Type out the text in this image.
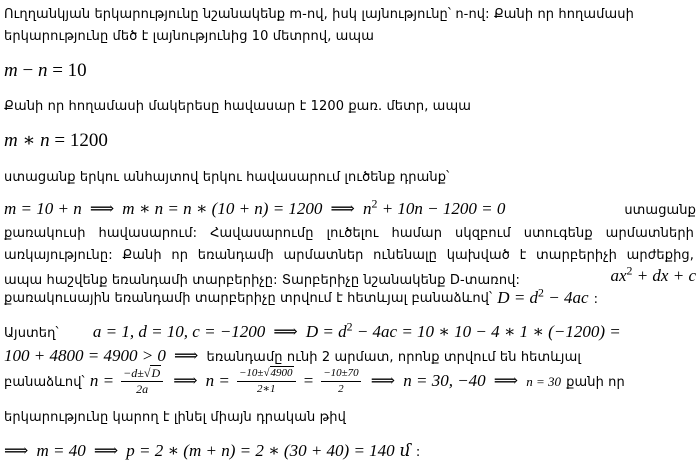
Ուղղանկյան երկարությունը նշանակենք m-ով, իսկ լայնությունը՝ n-ով: Քանի որ հողամասի
երկարությունը մեծ է լայնությունից 10 մետրով, ապա
m − n = 10
Քանի որ հողամասի մակերեսը հավասար է 1200 քառ. մետր, ապա
m ∗ n = 1200
ստացանք երկու անհայտով երկու հավասարում լուծենք դրանք՝
m = 10 + n ⟹ m ∗ n = n ∗ (10 + n) = 1200 ⟹ $n^2 + 10n - 1200 = 0$	ստացանք
քառակուսի հավասարում: Հավասարումը լուծելու համար սկզբում ստուգենք արմատների
առկայությունը: Քանի որ եռանդամի արմատներ ունենալը կախված է տարբերիչի արժեքից,
ապա հաշվենք եռանդամի տարբերիչը: Տարբերիչը նշանակենք D-տառով:	$ax^2$ + dx + c
քառակուսային եռանդամի տարբերիչը տրվում է հետևյալ բանաձևով՝ $D = d^2 - 4ac$ :
Այստեղ՝ a = 1, d = 10, c = −1200 ⟹ $D = d^2 - 4ac = 10$ ∗ 10 − 4 ∗ 1 ∗ (−1200) =
100 + 4800 = 4900 > 0 ⟹ եռանդամը ունի 2 արմատ, որոնք տրվում են հետևյալ
բանաձևով՝ $n = \frac{-d\pm√D}{2a}$ ⟹ $n = \frac{-10\pm√4900}{2∗1} = \frac{-10\pm 70}{2}$ ⟹ n = 30, −40 ⟹ n = 30 քանի որ
երկարությունը կարող է լինել միայն դրական թիվ
⟹ m = 40 ⟹ p = 2 ∗ (m + n) = 2 ∗ (30 + 40) = 140 մ :
